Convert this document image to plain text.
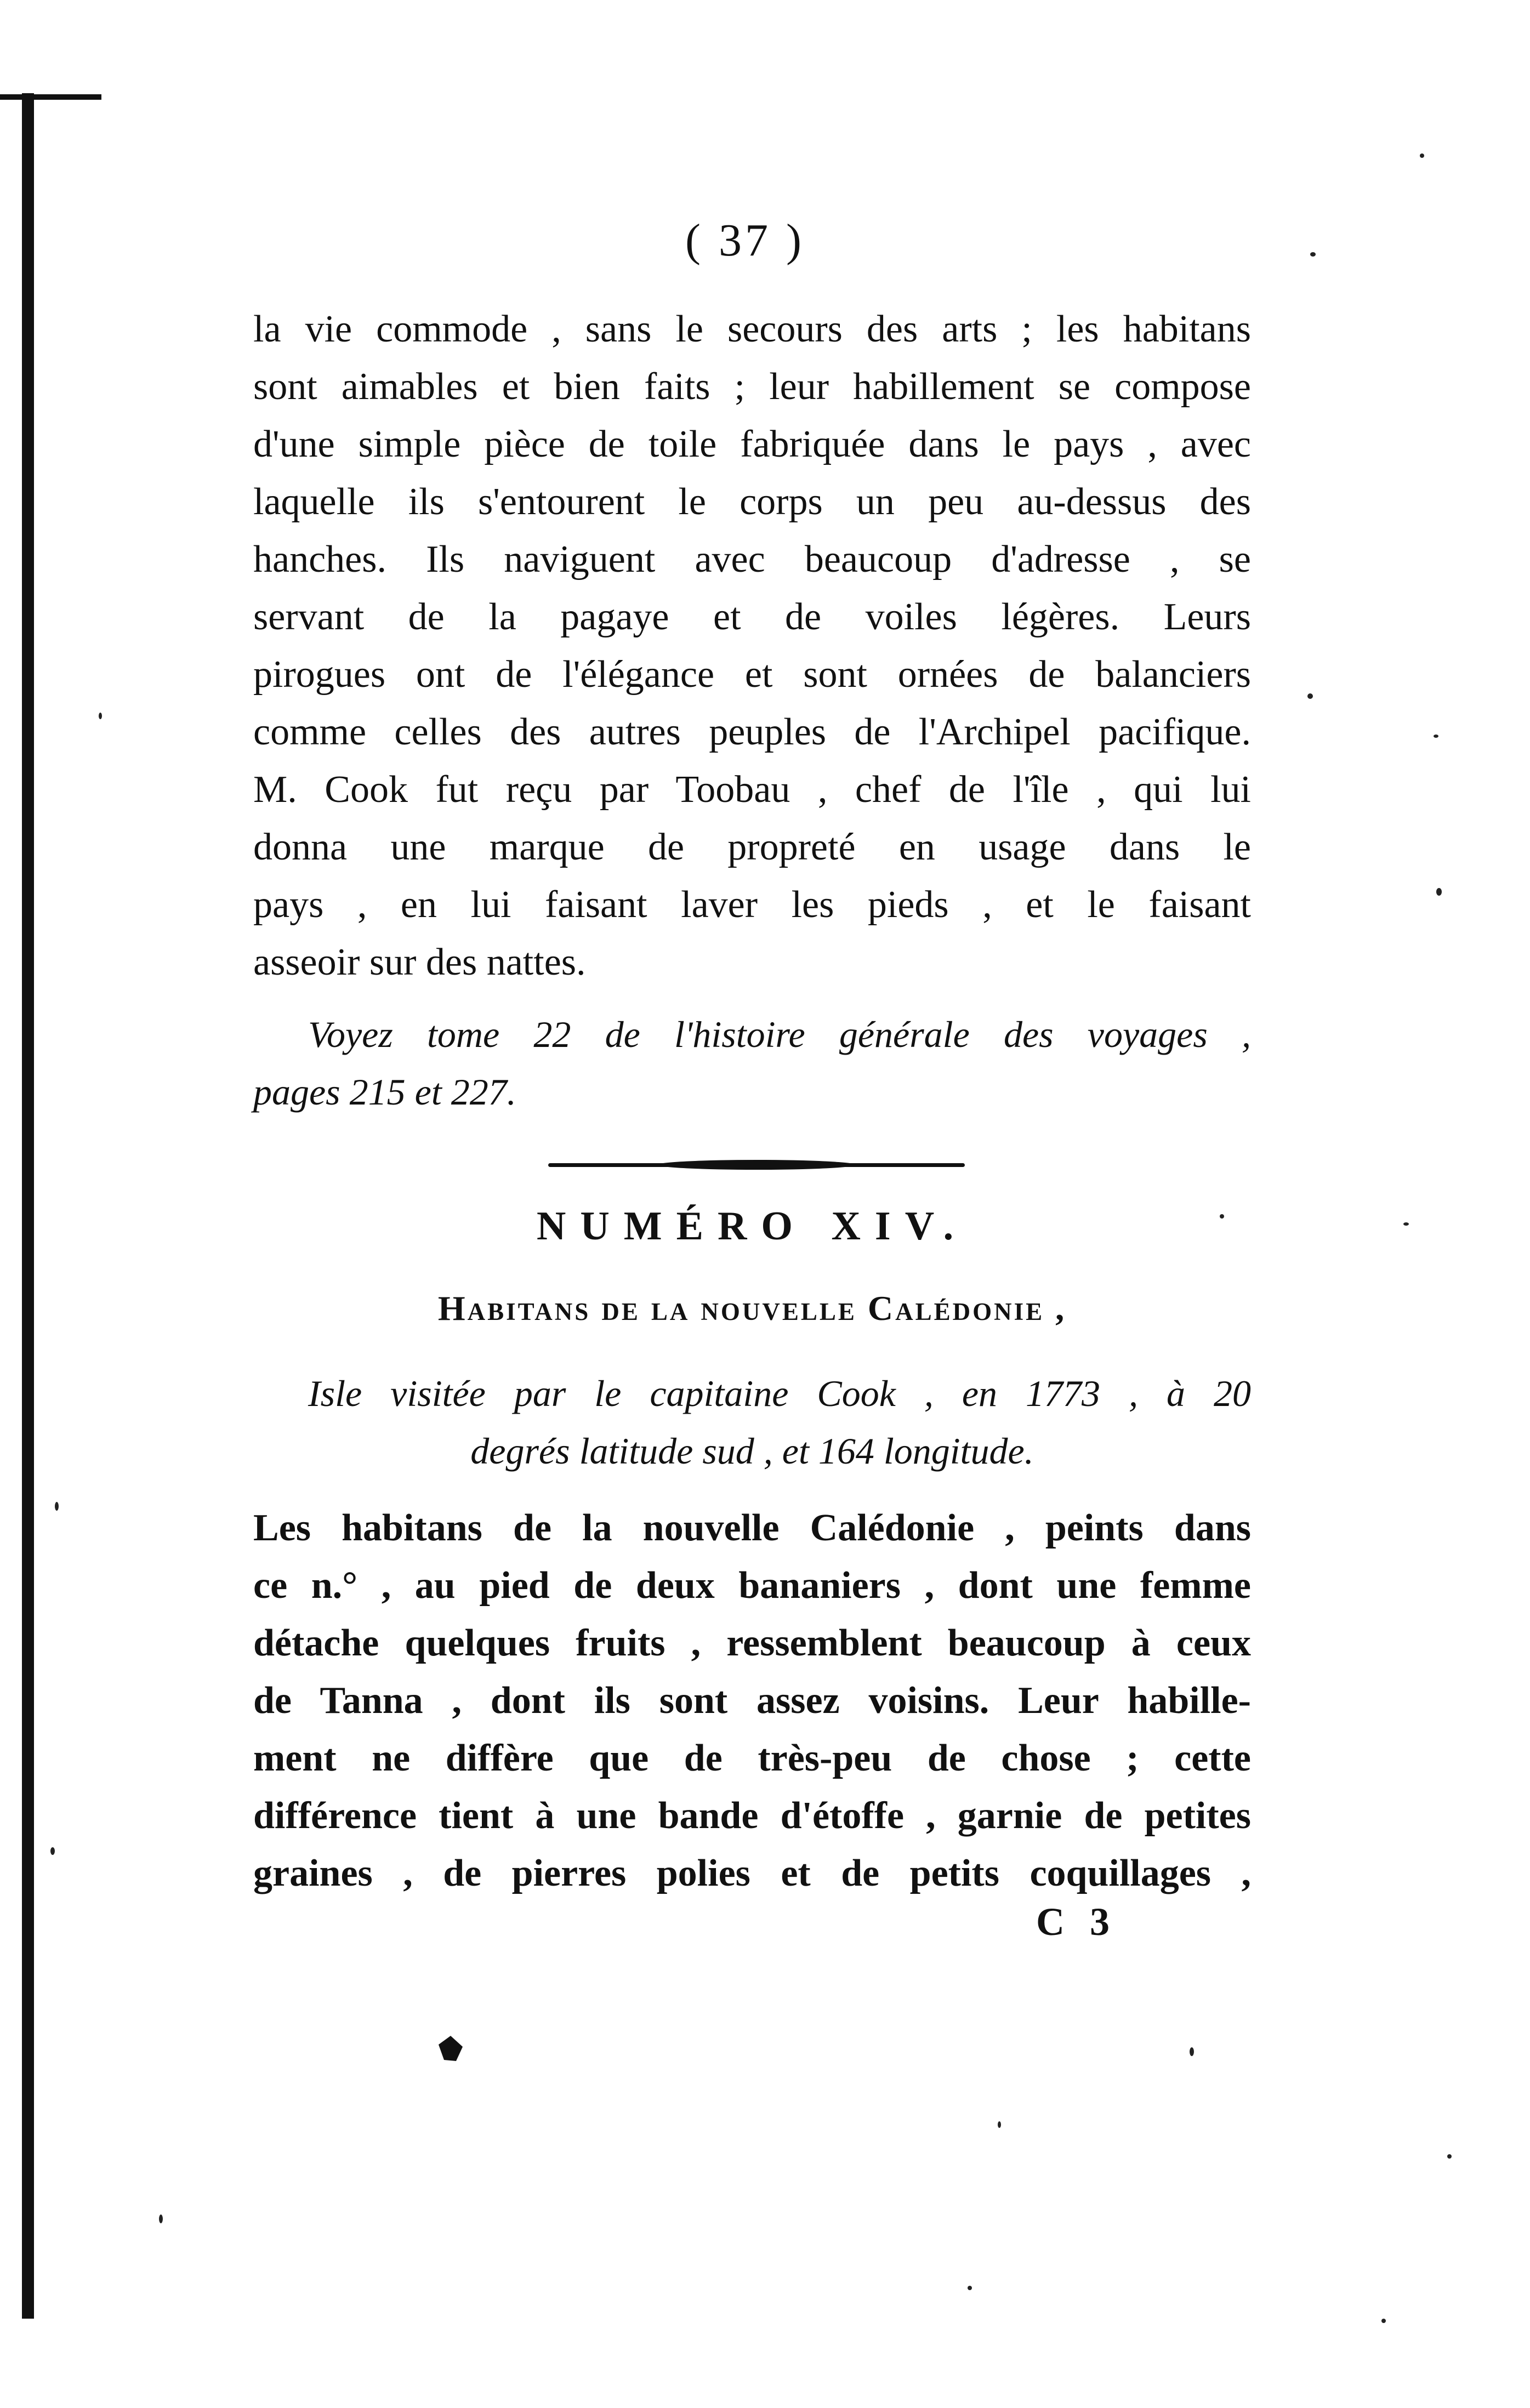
( 37 )
la vie commode , sans le secours des arts ; les habitans
sont aimables et bien faits ; leur habillement se compose
d'une simple pièce de toile fabriquée dans le pays , avec
laquelle ils s'entourent le corps un peu au-dessus des
hanches. Ils naviguent avec beaucoup d'adresse , se
servant de la pagaye et de voiles légères. Leurs
pirogues ont de l'élégance et sont ornées de balanciers
comme celles des autres peuples de l'Archipel pacifique.
M. Cook fut reçu par Toobau , chef de l'île , qui lui
donna une marque de propreté en usage dans le
pays , en lui faisant laver les pieds , et le faisant
asseoir sur des nattes.
Voyez tome 22 de l'histoire générale des voyages ,
pages 215 et 227.
NUMÉRO XIV.
Habitans de la nouvelle Calédonie ,
Isle visitée par le capitaine Cook , en 1773 , à 20
degrés latitude sud , et 164 longitude.
Les habitans de la nouvelle Calédonie , peints dans
ce n.° , au pied de deux bananiers , dont une femme
détache quelques fruits , ressemblent beaucoup à ceux
de Tanna , dont ils sont assez voisins. Leur habille-
ment ne diffère que de très-peu de chose ; cette
différence tient à une bande d'étoffe , garnie de petites
graines , de pierres polies et de petits coquillages ,
C 3
